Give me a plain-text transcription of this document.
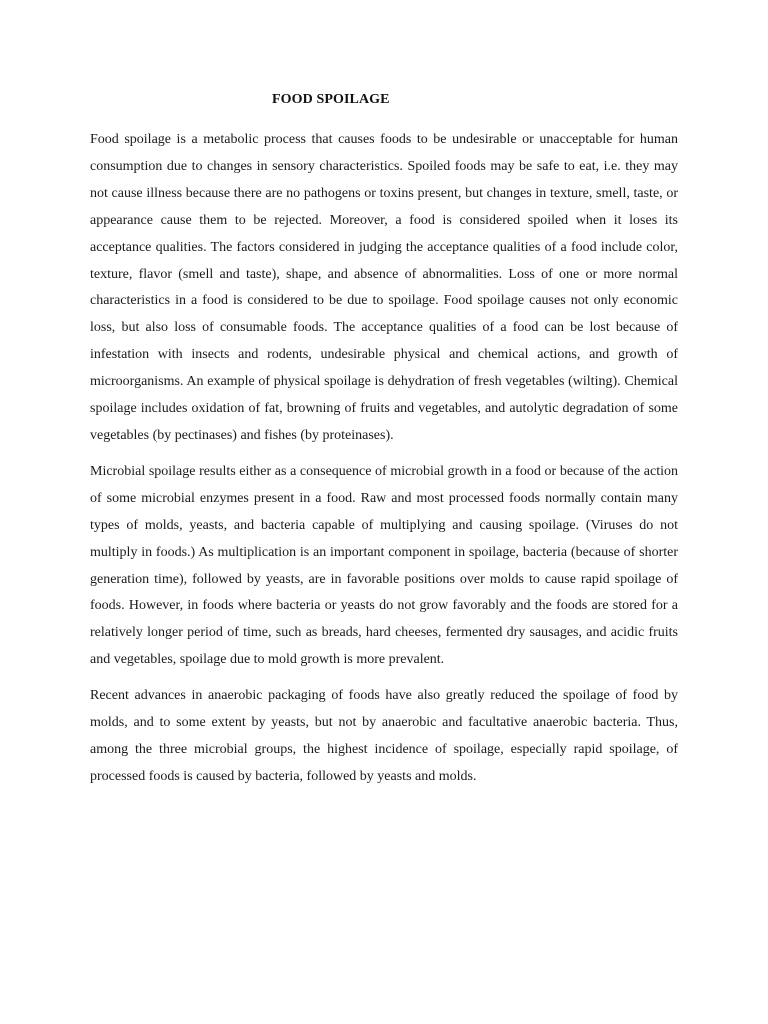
FOOD SPOILAGE

Food spoilage is a metabolic process that causes foods to be undesirable or unacceptable for human consumption due to changes in sensory characteristics. Spoiled foods may be safe to eat, i.e. they may not cause illness because there are no pathogens or toxins present, but changes in texture, smell, taste, or appearance cause them to be rejected. Moreover, a food is considered spoiled when it loses its acceptance qualities. The factors considered in judging the acceptance qualities of a food include color, texture, flavor (smell and taste), shape, and absence of abnormalities. Loss of one or more normal characteristics in a food is considered to be due to spoilage. Food spoilage causes not only economic loss, but also loss of consumable foods. The acceptance qualities of a food can be lost because of infestation with insects and rodents, undesirable physical and chemical actions, and growth of microorganisms. An example of physical spoilage is dehydration of fresh vegetables (wilting). Chemical spoilage includes oxidation of fat, browning of fruits and vegetables, and autolytic degradation of some vegetables (by pectinases) and fishes (by proteinases).

Microbial spoilage results either as a consequence of microbial growth in a food or because of the action of some microbial enzymes present in a food. Raw and most processed foods normally contain many types of molds, yeasts, and bacteria capable of multiplying and causing spoilage. (Viruses do not multiply in foods.) As multiplication is an important component in spoilage, bacteria (because of shorter generation time), followed by yeasts, are in favorable positions over molds to cause rapid spoilage of foods. However, in foods where bacteria or yeasts do not grow favorably and the foods are stored for a relatively longer period of time, such as breads, hard cheeses, fermented dry sausages, and acidic fruits and vegetables, spoilage due to mold growth is more prevalent.

Recent advances in anaerobic packaging of foods have also greatly reduced the spoilage of food by molds, and to some extent by yeasts, but not by anaerobic and facultative anaerobic bacteria. Thus, among the three microbial groups, the highest incidence of spoilage, especially rapid spoilage, of processed foods is caused by bacteria, followed by yeasts and molds.
